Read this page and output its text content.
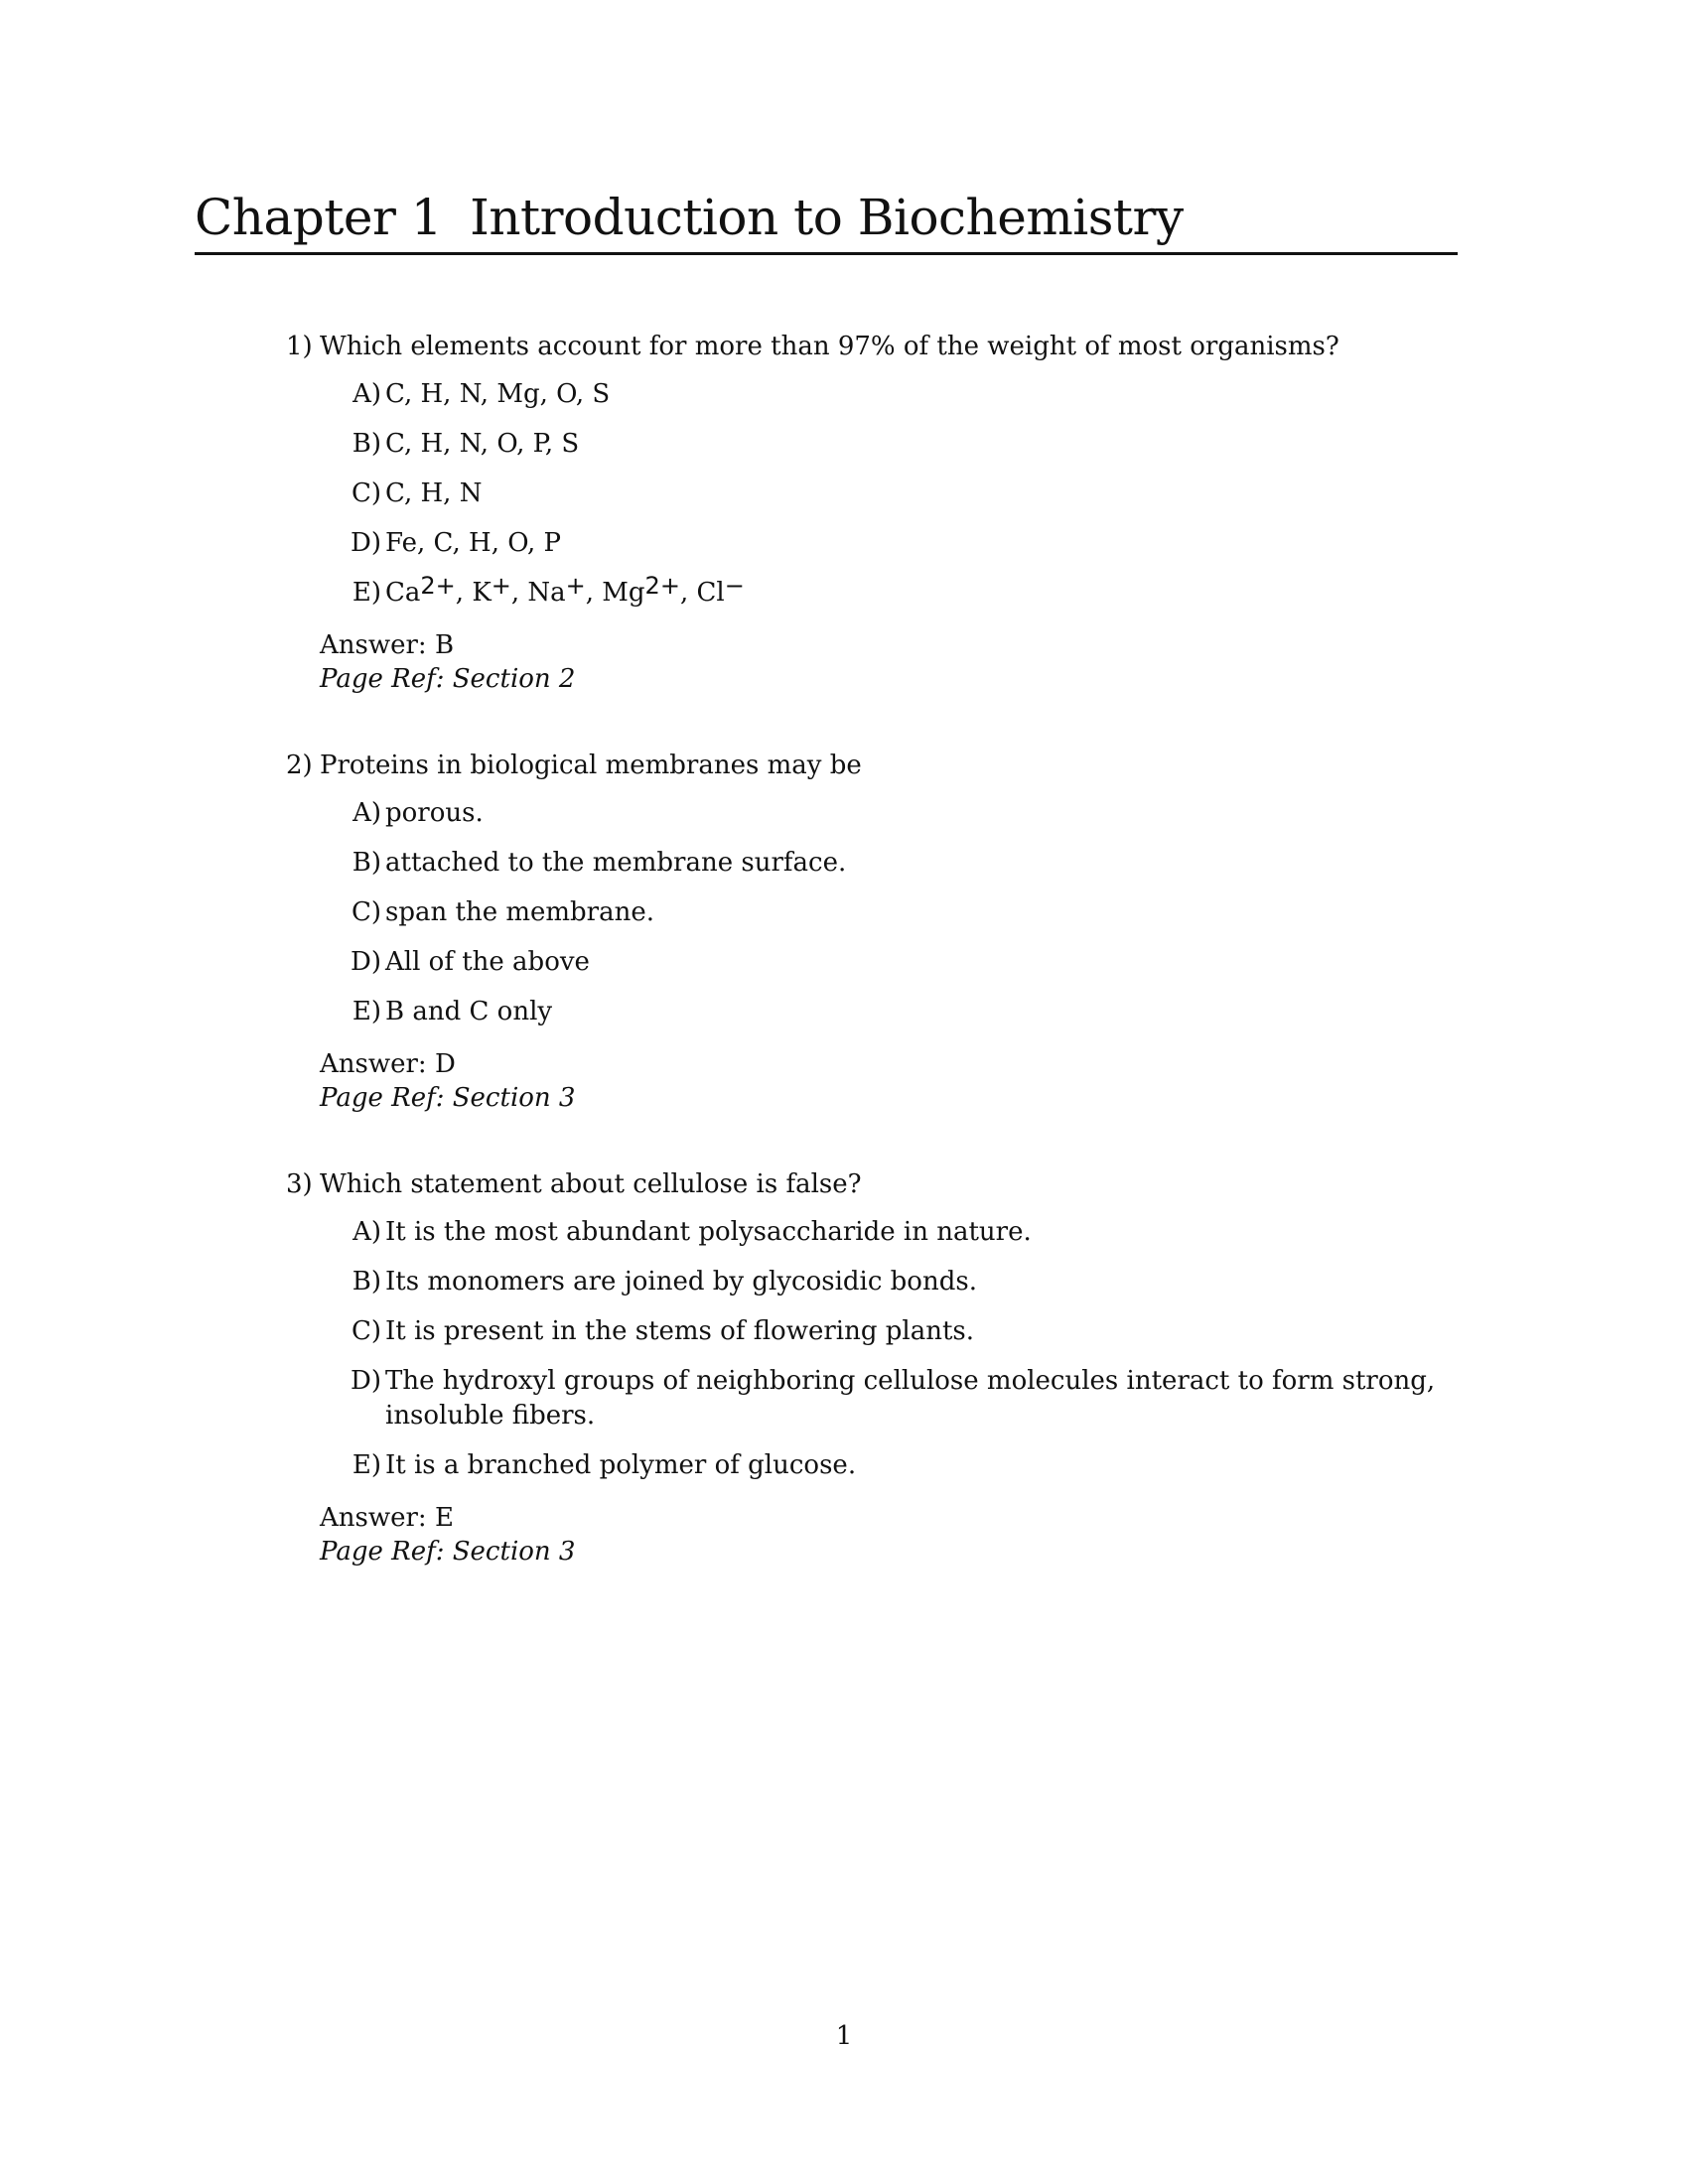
Chapter 1 Introduction to Biochemistry
1) Which elements account for more than 97% of the weight of most organisms?
A) C, H, N, Mg, O, S
B) C, H, N, O, P, S
C) C, H, N
D) Fe, C, H, O, P
E) Ca2+, K+, Na+, Mg2+, Cl−
Answer: B
Page Ref: Section 2
2) Proteins in biological membranes may be
A) porous.
B) attached to the membrane surface.
C) span the membrane.
D) All of the above
E) B and C only
Answer: D
Page Ref: Section 3
3) Which statement about cellulose is false?
A) It is the most abundant polysaccharide in nature.
B) Its monomers are joined by glycosidic bonds.
C) It is present in the stems of flowering plants.
D) The hydroxyl groups of neighboring cellulose molecules interact to form strong, insoluble fibers.
E) It is a branched polymer of glucose.
Answer: E
Page Ref: Section 3
1
